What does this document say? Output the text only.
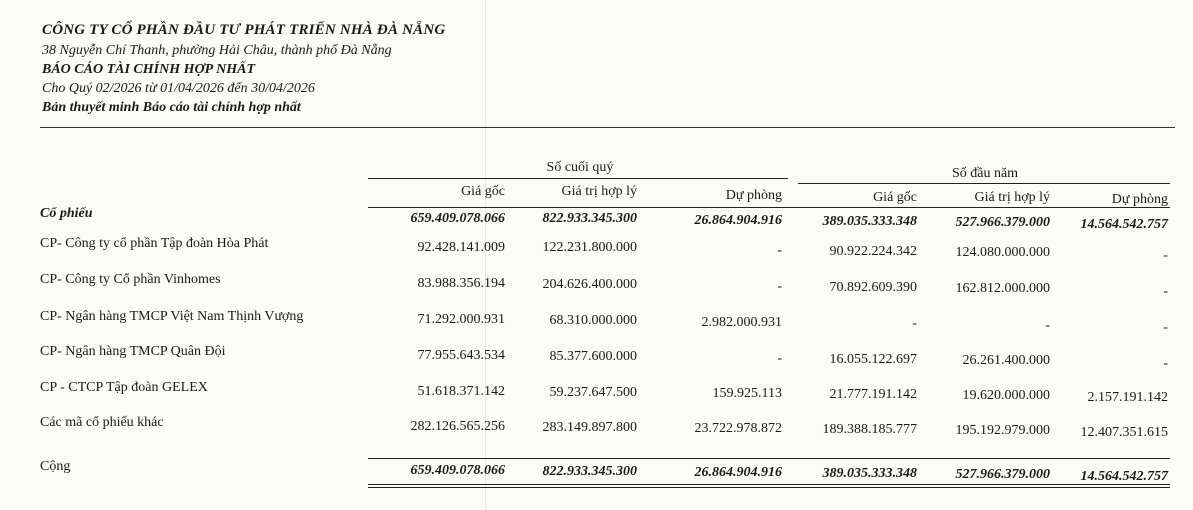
CÔNG TY CỔ PHẦN ĐẦU TƯ PHÁT TRIỂN NHÀ ĐÀ NẴNG
38 Nguyễn Chí Thanh, phường Hải Châu, thành phố Đà Nẵng
BÁO CÁO TÀI CHÍNH HỢP NHẤT
Cho Quý 02/2026 từ 01/04/2026 đến 30/04/2026
Bản thuyết minh Báo cáo tài chính hợp nhất
Số cuối quý	Số đầu năm
Giá gốc	Giá trị hợp lý	Dự phòng	Giá gốc	Giá trị hợp lý	Dự phòng
Cổ phiếu	659.409.078.066	822.933.345.300	26.864.904.916	389.035.333.348	527.966.379.000	14.564.542.757
CP- Công ty cổ phần Tập đoàn Hòa Phát	92.428.141.009	122.231.800.000	-	90.922.224.342	124.080.000.000	-
CP- Công ty Cổ phần Vinhomes	83.988.356.194	204.626.400.000	-	70.892.609.390	162.812.000.000	-
CP- Ngân hàng TMCP Việt Nam Thịnh Vượng	71.292.000.931	68.310.000.000	2.982.000.931	-	-	-
CP- Ngân hàng TMCP Quân Đội	77.955.643.534	85.377.600.000	-	16.055.122.697	26.261.400.000	-
CP - CTCP Tập đoàn GELEX	51.618.371.142	59.237.647.500	159.925.113	21.777.191.142	19.620.000.000	2.157.191.142
Các mã cổ phiếu khác	282.126.565.256	283.149.897.800	23.722.978.872	189.388.185.777	195.192.979.000	12.407.351.615
Cộng	659.409.078.066	822.933.345.300	26.864.904.916	389.035.333.348	527.966.379.000	14.564.542.757
